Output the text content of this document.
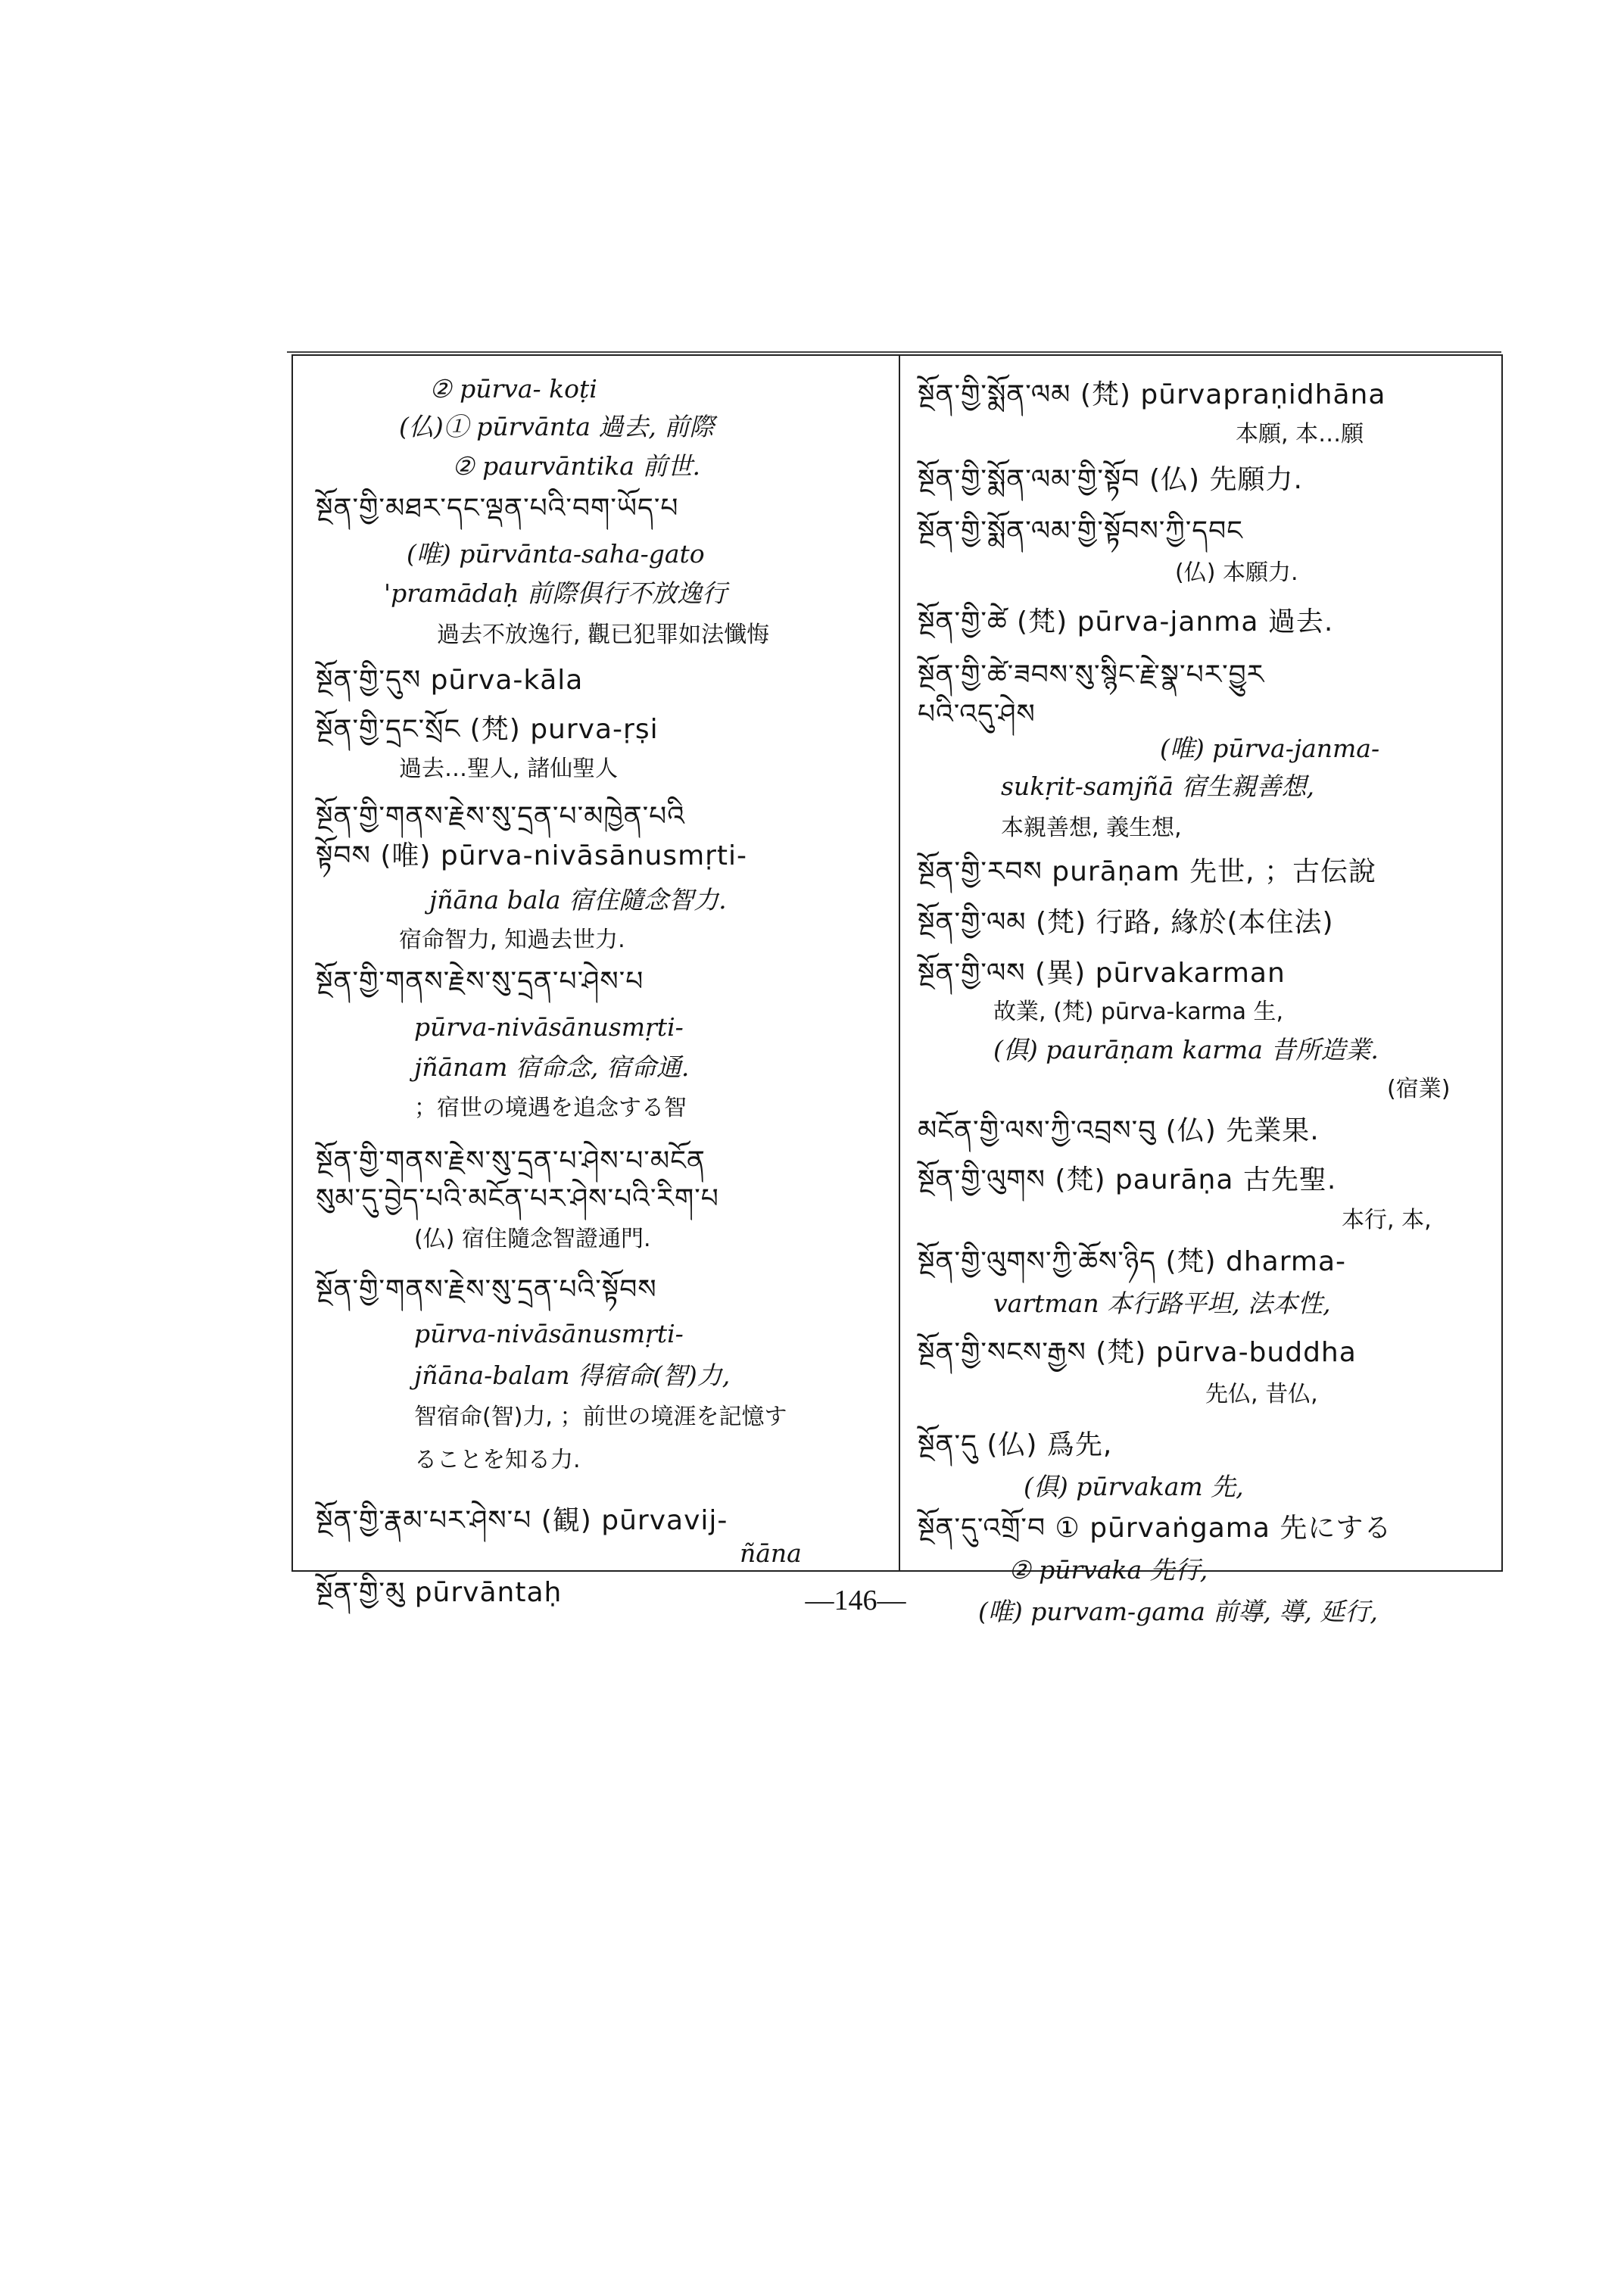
② pūrva- koṭi
(仏)① pūrvānta 過去, 前際
② paurvāntika 前世.
སྔོན་གྱི་མཐར་དང་ལྡན་པའི་བག་ཡོད་པ
(唯) pūrvānta-saha-gato
'pramādaḥ 前際俱行不放逸行
過去不放逸行, 觀已犯罪如法懺悔
སྔོན་གྱི་དུས pūrva-kāla
སྔོན་གྱི་དྲང་སྲོང (梵) purva-ṛṣi
過去…聖人, 諸仙聖人
སྔོན་གྱི་གནས་རྗེས་སུ་དྲན་པ་མཁྱེན་པའི
སྟོབས (唯) pūrva-nivāsānusmṛti-
jñāna bala 宿住隨念智力.
宿命智力, 知過去世力.
སྔོན་གྱི་གནས་རྗེས་སུ་དྲན་པ་ཤེས་པ
pūrva-nivāsānusmṛti-
jñānam 宿命念, 宿命通.
；宿世の境遇を追念する智
སྔོན་གྱི་གནས་རྗེས་སུ་དྲན་པ་ཤེས་པ་མངོན
སུམ་དུ་བྱེད་པའི་མངོན་པར་ཤེས་པའི་རིག་པ
(仏) 宿住隨念智證通門.
སྔོན་གྱི་གནས་རྗེས་སུ་དྲན་པའི་སྟོབས
pūrva-nivāsānusmṛti-
jñāna-balam 得宿命(智)力,
智宿命(智)力, ；前世の境涯を記憶す
ることを知る力.
སྔོན་གྱི་རྣམ་པར་ཤེས་པ (観) pūrvavij-
ñāna
སྔོན་གྱི་མུ pūrvāntaḥ
སྔོན་གྱི་སྨོན་ལམ (梵) pūrvapraṇidhāna
本願, 本…願
སྔོན་གྱི་སྨོན་ལམ་གྱི་སྟོབ (仏) 先願力.
སྔོན་གྱི་སྨོན་ལམ་གྱི་སྟོབས་ཀྱི་དབང
(仏) 本願力.
སྔོན་གྱི་ཚེ (梵) pūrva-janma 過去.
སྔོན་གྱི་ཚེ་ཟབས་སུ་སྙིང་རྗེ་སྣ་པར་བྱུར
པའི་འདུ་ཤེས
(唯) pūrva-janma-
sukṛit-samjñā 宿生親善想,
本親善想, 義生想,
སྔོན་གྱི་རབས purāṇam 先世, ；古伝說
སྔོན་གྱི་ལམ (梵) 行路, 緣於(本住法)
སྔོན་གྱི་ལས (異) pūrvakarman
故業, (梵) pūrva-karma 生,
(俱) paurāṇam karma 昔所造業.
(宿業)
མངོན་གྱི་ལས་ཀྱི་འབྲས་བུ (仏) 先業果.
སྔོན་གྱི་ལུགས (梵) paurāṇa 古先聖.
本行, 本,
སྔོན་གྱི་ལུགས་ཀྱི་ཆོས་ཉིད (梵) dharma-
vartman 本行路平坦, 法本性,
སྔོན་གྱི་སངས་རྒྱས (梵) pūrva-buddha
先仏, 昔仏,
སྔོན་དུ (仏) 爲先,
(俱) pūrvakam 先,
སྔོན་དུ་འགྲོ་བ ① pūrvaṅgama 先にする
② pūrvaka 先行,
(唯) purvam-gama 前導, 導, 延行,
—146—
